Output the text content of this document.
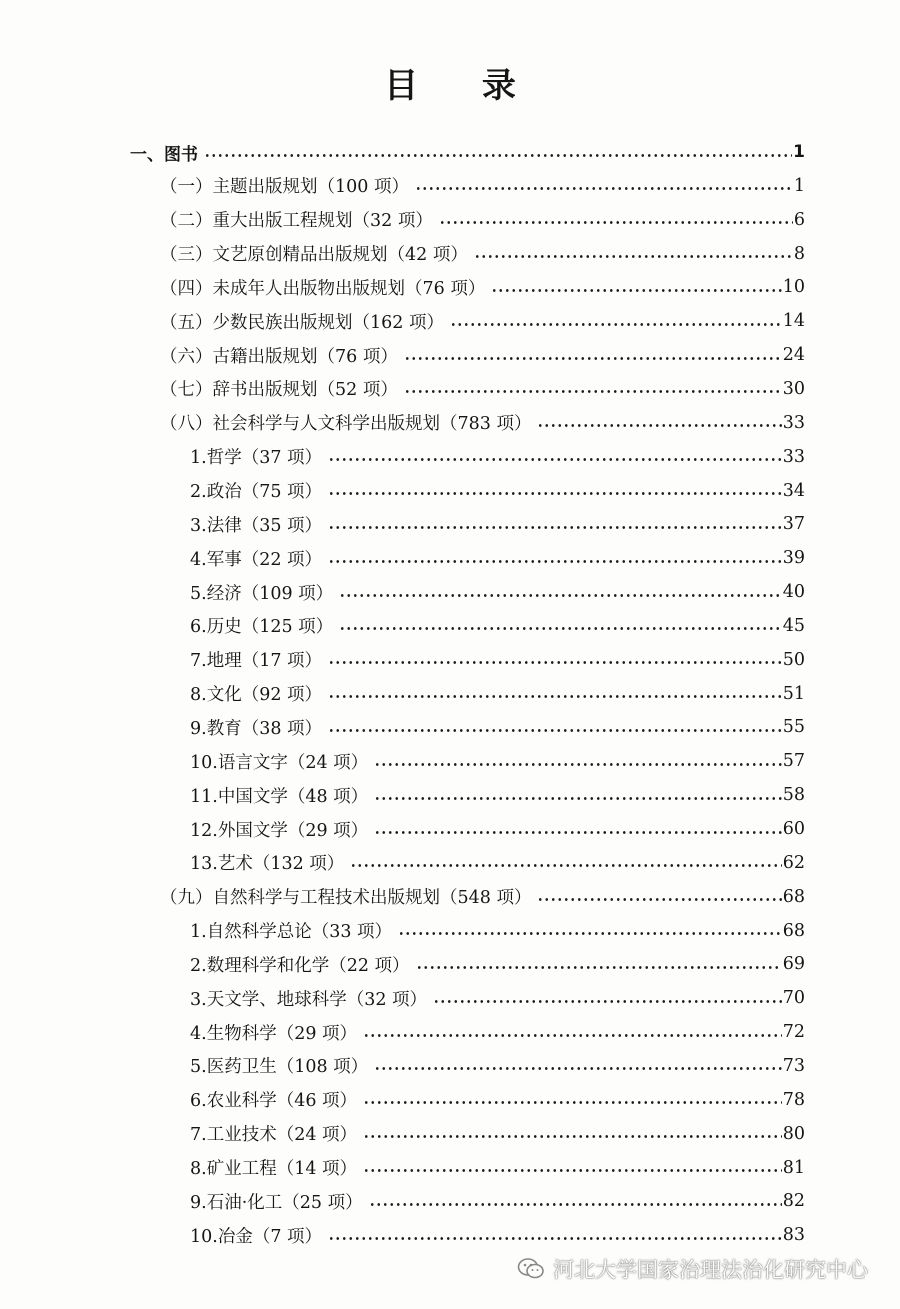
目 录
一、图书	1
（一）主题出版规划（100 项）	1
（二）重大出版工程规划（32 项）	6
（三）文艺原创精品出版规划（42 项）	8
（四）未成年人出版物出版规划（76 项）	10
（五）少数民族出版规划（162 项）	14
（六）古籍出版规划（76 项）	24
（七）辞书出版规划（52 项）	30
（八）社会科学与人文科学出版规划（783 项）	33
1.哲学（37 项）	33
2.政治（75 项）	34
3.法律（35 项）	37
4.军事（22 项）	39
5.经济（109 项）	40
6.历史（125 项）	45
7.地理（17 项）	50
8.文化（92 项）	51
9.教育（38 项）	55
10.语言文字（24 项）	57
11.中国文学（48 项）	58
12.外国文学（29 项）	60
13.艺术（132 项）	62
（九）自然科学与工程技术出版规划（548 项）	68
1.自然科学总论（33 项）	68
2.数理科学和化学（22 项）	69
3.天文学、地球科学（32 项）	70
4.生物科学（29 项）	72
5.医药卫生（108 项）	73
6.农业科学（46 项）	78
7.工业技术（24 项）	80
8.矿业工程（14 项）	81
9.石油·化工（25 项）	82
10.冶金（7 项）	83
河北大学国家治理法治化研究中心
